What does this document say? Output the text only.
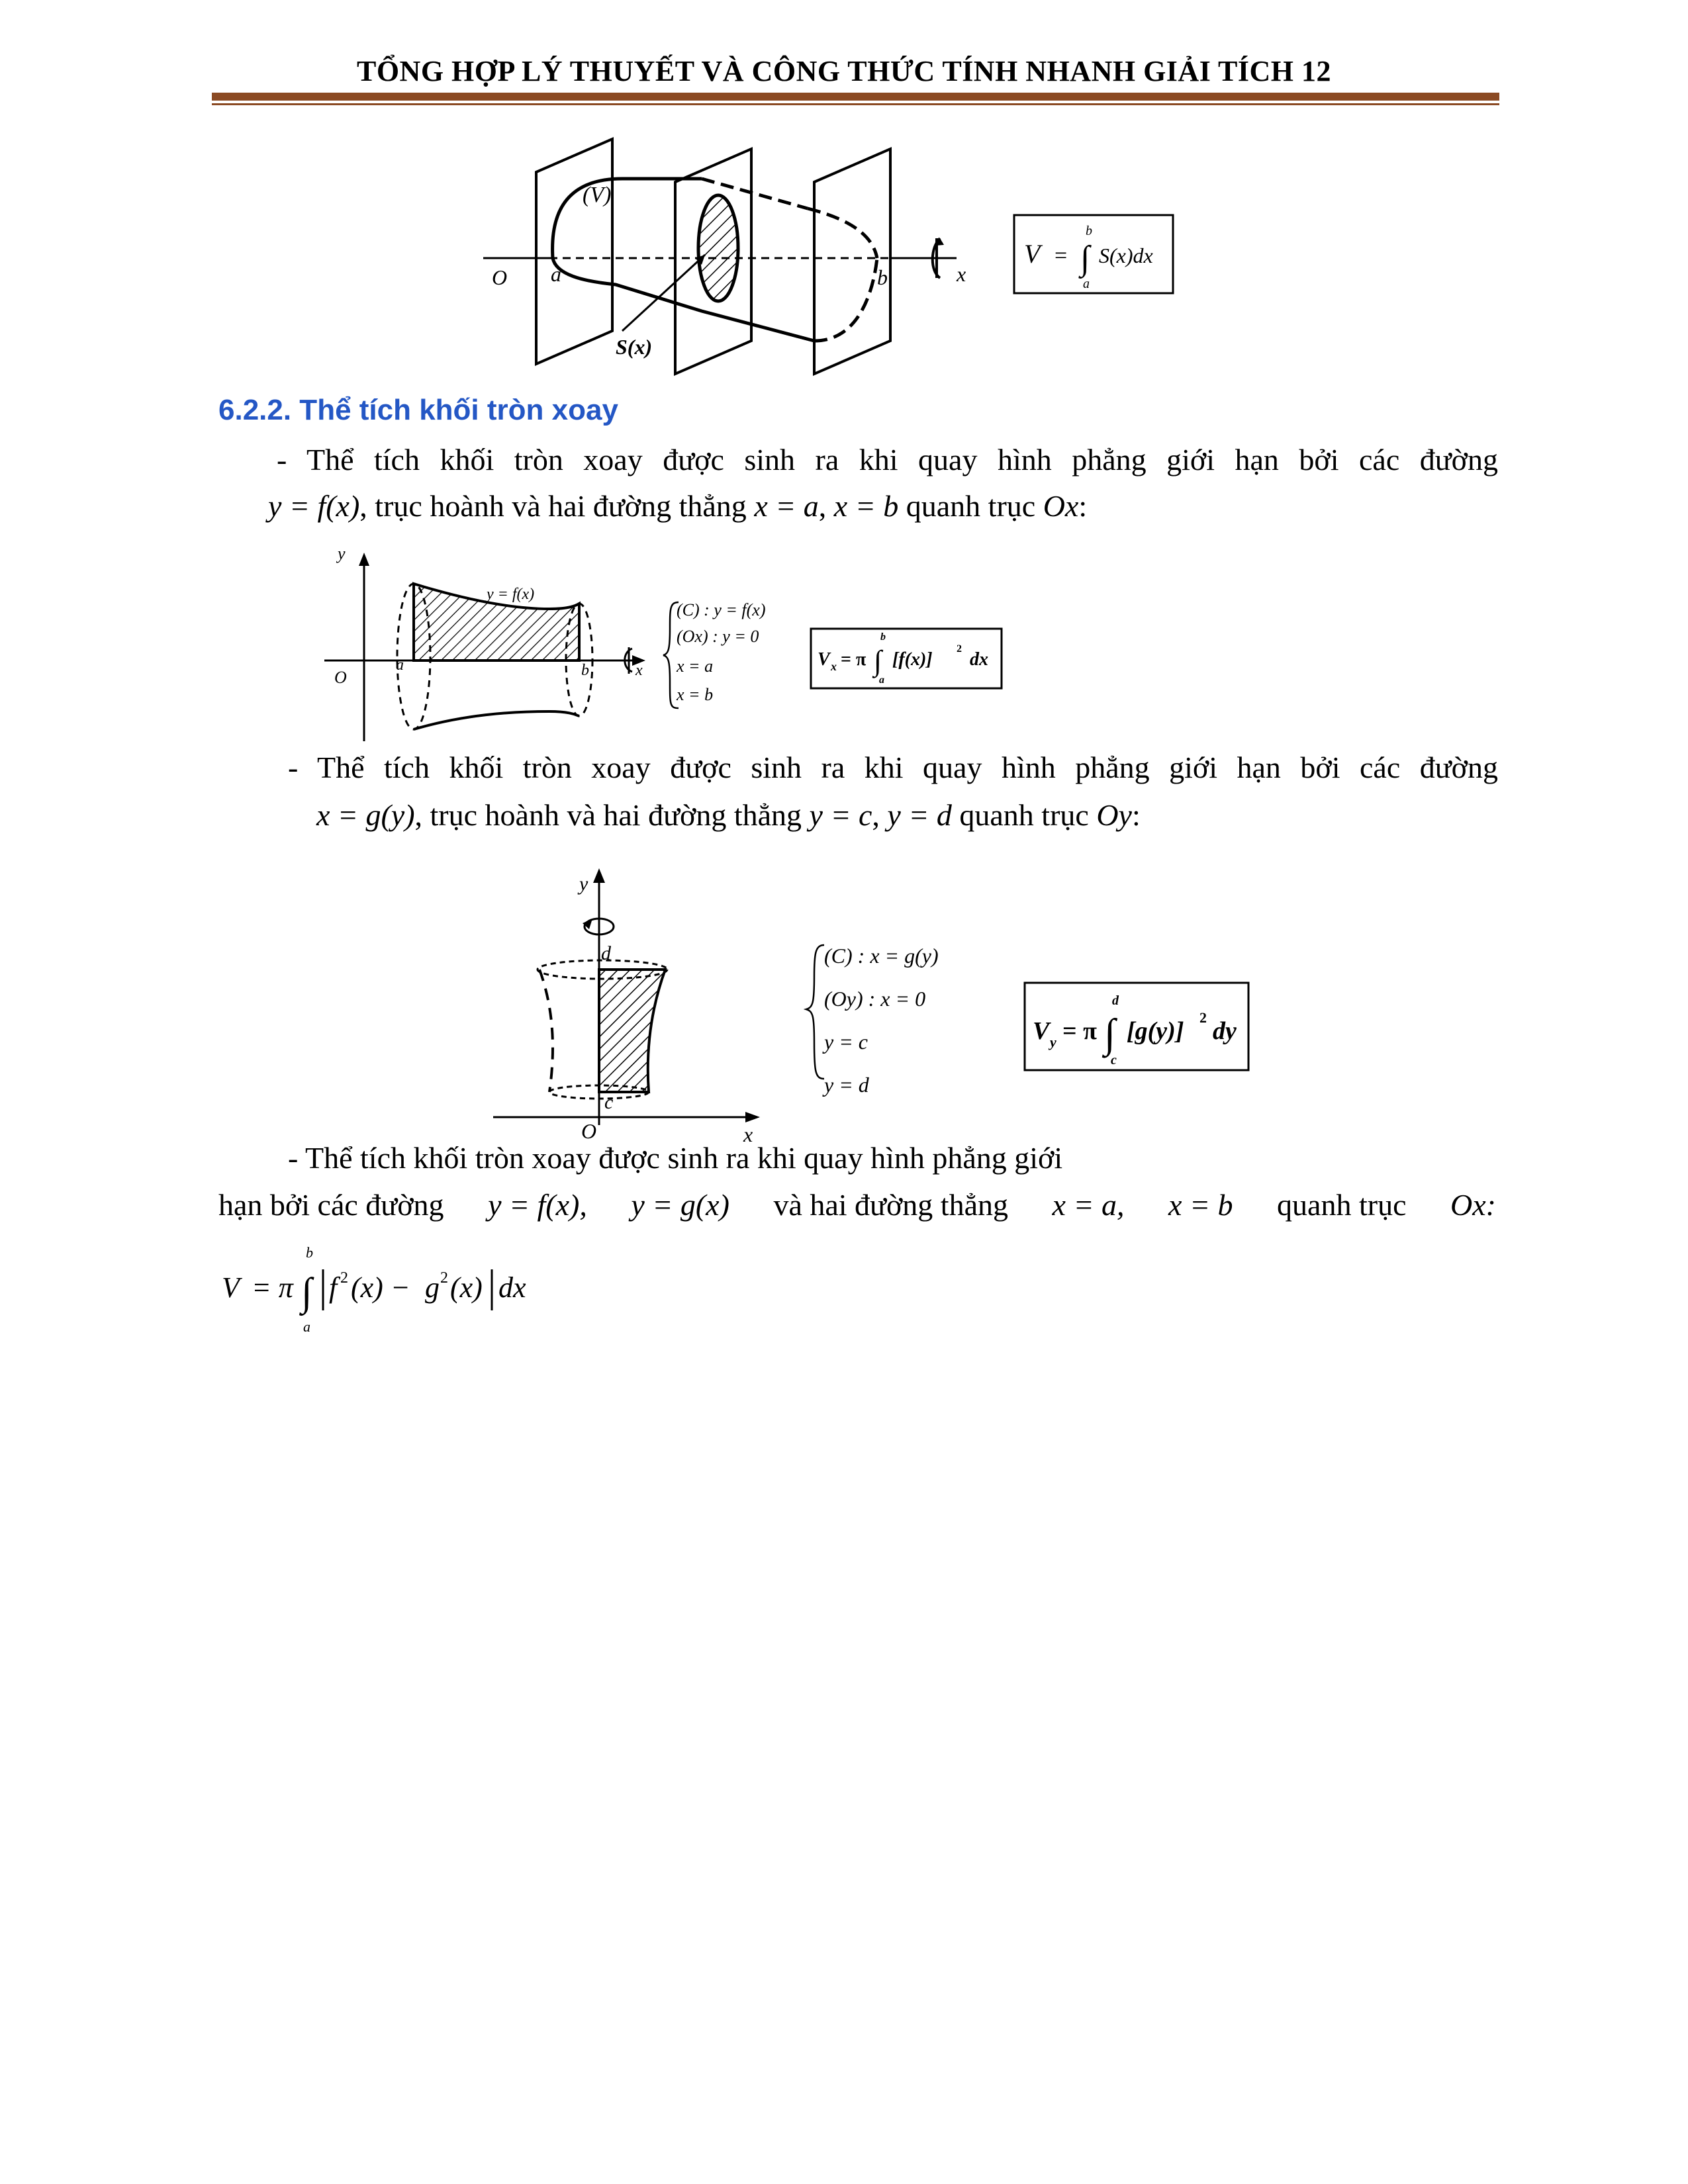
TỔNG HỢP LÝ THUYẾT VÀ CÔNG THỨC TÍNH NHANH GIẢI TÍCH 12
(V)
O a	b	x
S(x)
V = ∫
b
a
S(x)dx
6.2.2. Thể tích khối tròn xoay
- Thể tích khối tròn xoay được sinh ra khi quay hình phẳng giới hạn bởi các đường
y = f(x), trục hoành và hai đường thẳng x = a, x = b quanh trục Ox:
y
O
a	b	x
y = f(x)
(C) : y = f(x)
(Ox) : y = 0
x = a
x = b
V x = π ∫
b
a
[f(x)]
2
dx
- Thể tích khối tròn xoay được sinh ra khi quay hình phẳng giới hạn bởi các đường
x = g(y), trục hoành và hai đường thẳng y = c, y = d quanh trục Oy:
y
d
c
O	x
(C) : x = g(y)
(Oy) : x = 0
y = c
y = d
V y = π ∫
d
c
[g(y)] 2 dy
- Thể tích khối tròn xoay được sinh ra khi quay hình phẳng giới
hạn bởi các đường y = f(x), y = g(x) và hai đường thẳng x = a, x = b quanh trục Ox:
V = π ∫
b
a
f 2 (x) − g 2 (x) dx
